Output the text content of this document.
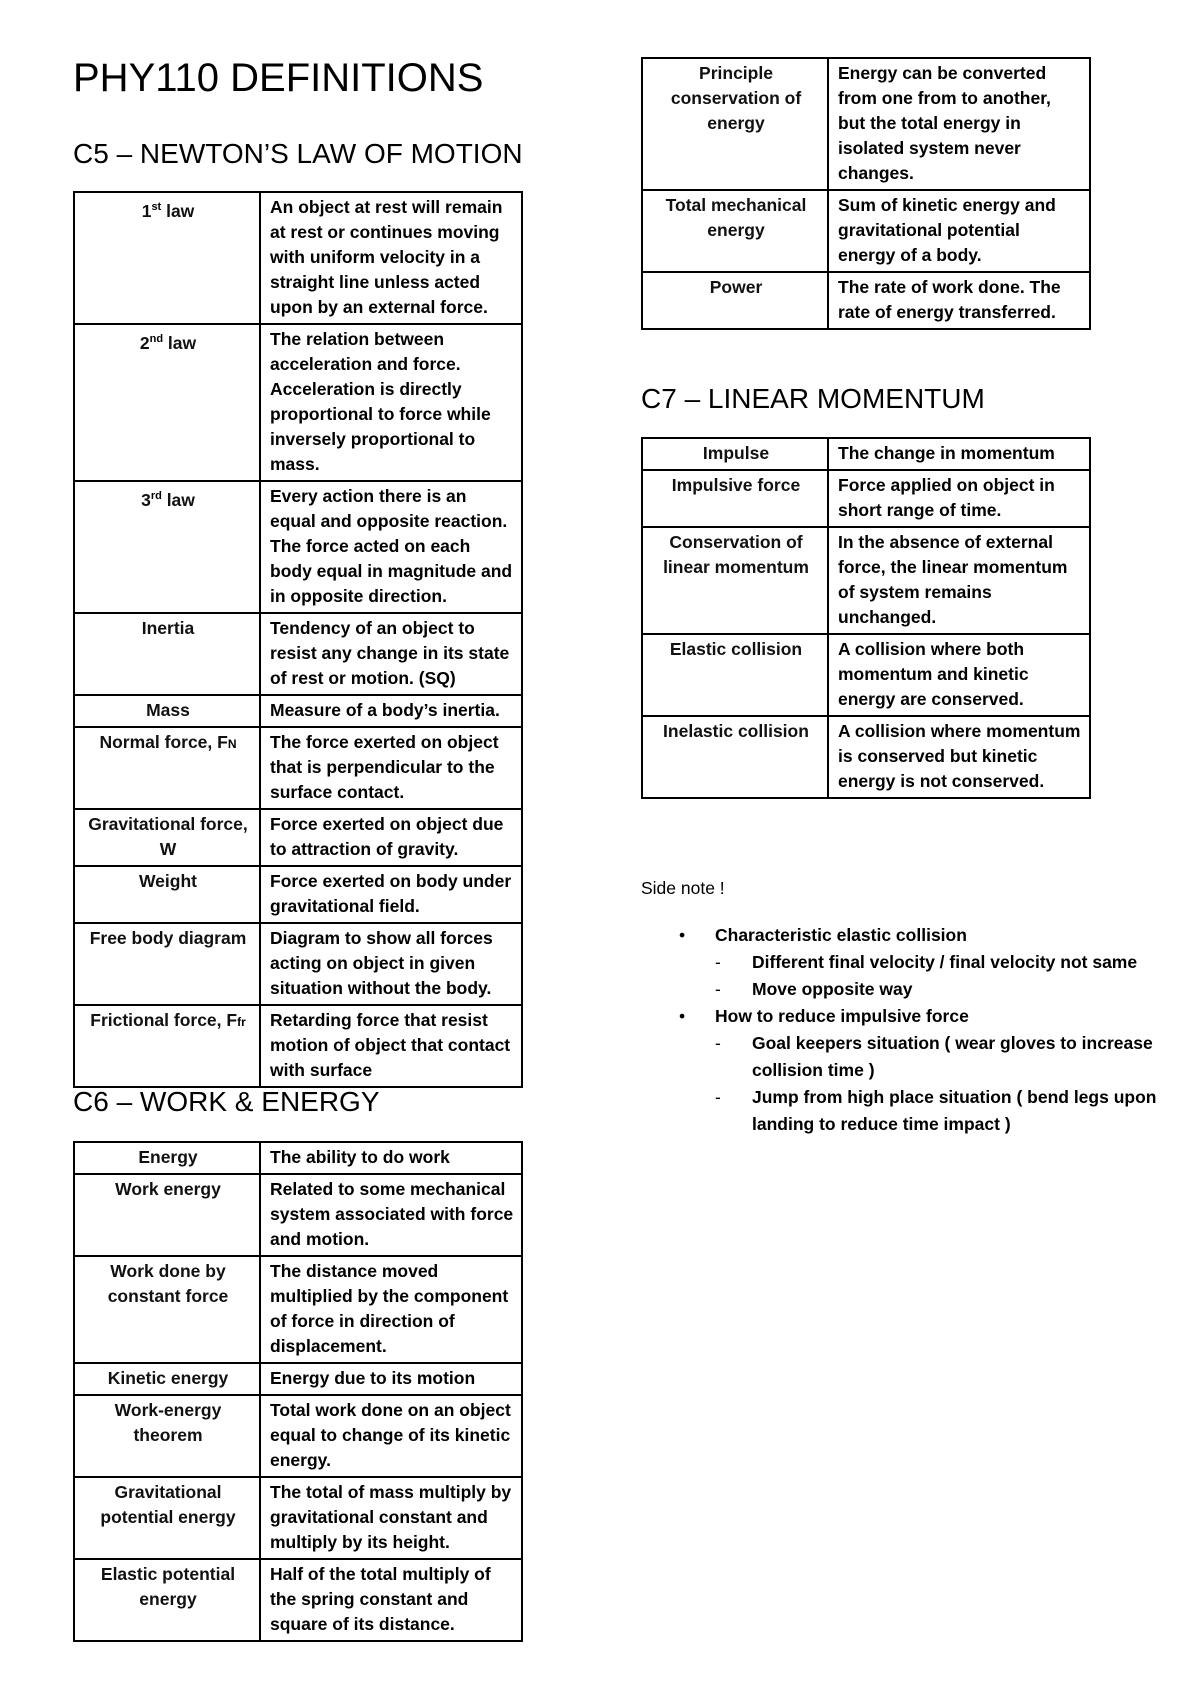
PHY110 DEFINITIONS
C5 – NEWTON’S LAW OF MOTION
1st law	An object at rest will remain at rest or continues moving with uniform velocity in a straight line unless acted upon by an external force.
2nd law	The relation between acceleration and force. Acceleration is directly proportional to force while inversely proportional to mass.
3rd law	Every action there is an equal and opposite reaction. The force acted on each body equal in magnitude and in opposite direction.
Inertia	Tendency of an object to resist any change in its state of rest or motion. (SQ)
Mass	Measure of a body’s inertia.
Normal force, FN	The force exerted on object that is perpendicular to the surface contact.
Gravitational force, W	Force exerted on object due to attraction of gravity.
Weight	Force exerted on body under gravitational field.
Free body diagram	Diagram to show all forces acting on object in given situation without the body.
Frictional force, Ffr	Retarding force that resist motion of object that contact with surface
C6 – WORK & ENERGY
Energy	The ability to do work
Work energy	Related to some mechanical system associated with force and motion.
Work done by constant force	The distance moved multiplied by the component of force in direction of displacement.
Kinetic energy	Energy due to its motion
Work-energy theorem	Total work done on an object equal to change of its kinetic energy.
Gravitational potential energy	The total of mass multiply by gravitational constant and multiply by its height.
Elastic potential energy	Half of the total multiply of the spring constant and square of its distance.
Principle conservation of energy	Energy can be converted from one from to another, but the total energy in isolated system never changes.
Total mechanical energy	Sum of kinetic energy and gravitational potential energy of a body.
Power	The rate of work done. The rate of energy transferred.
C7 – LINEAR MOMENTUM
Impulse	The change in momentum
Impulsive force	Force applied on object in short range of time.
Conservation of linear momentum	In the absence of external force, the linear momentum of system remains unchanged.
Elastic collision	A collision where both momentum and kinetic energy are conserved.
Inelastic collision	A collision where momentum is conserved but kinetic energy is not conserved.
Side note !
• Characteristic elastic collision
- Different final velocity / final velocity not same
- Move opposite way
• How to reduce impulsive force
- Goal keepers situation ( wear gloves to increase collision time )
- Jump from high place situation ( bend legs upon landing to reduce time impact )
